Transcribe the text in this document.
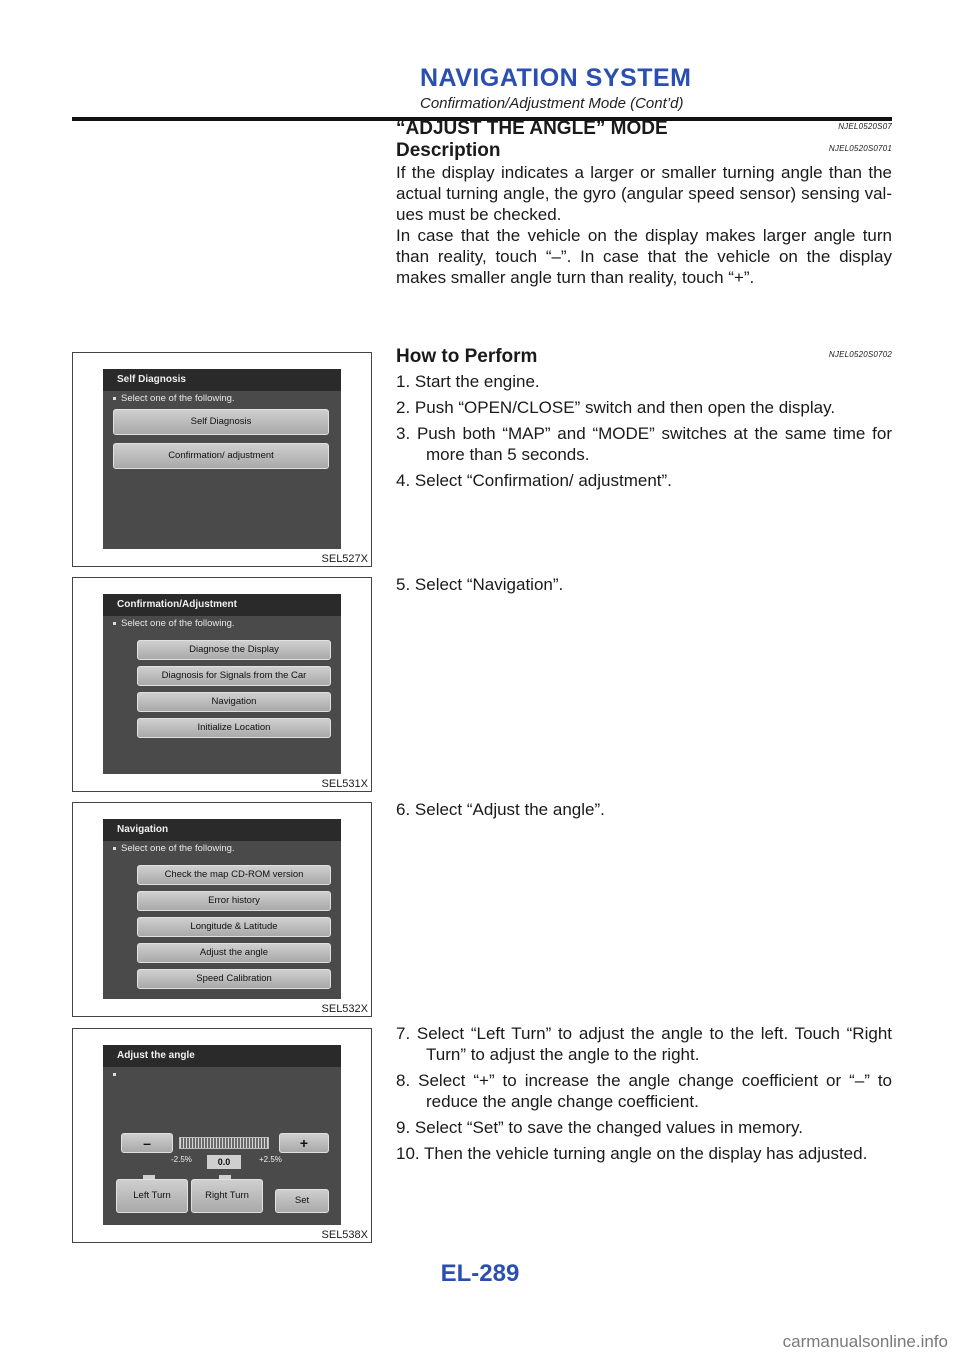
NAVIGATION SYSTEM
Confirmation/Adjustment Mode (Cont’d)
“ADJUST THE ANGLE” MODE	NJEL0520S07
Description	NJEL0520S0701

If the display indicates a larger or smaller turning angle than the actual turning angle, the gyro (angular speed sensor) sensing val- ues must be checked.

In case that the vehicle on the display makes larger angle turn than reality, touch “–”. In case that the vehicle on the display makes smaller angle turn than reality, touch “+”.

How to Perform	NJEL0520S0702

1. Start the engine.

2. Push “OPEN/CLOSE” switch and then open the display.

3. Push both “MAP” and “MODE” switches at the same time for more than 5 seconds.

4. Select “Confirmation/ adjustment”.

5. Select “Navigation”.

6. Select “Adjust the angle”.

7. Select “Left Turn” to adjust the angle to the left. Touch “Right Turn” to adjust the angle to the right.

8. Select “+” to increase the angle change coefficient or “–” to reduce the angle change coefficient.

9. Select “Set” to save the changed values in memory.

10. Then the vehicle turning angle on the display has adjusted.

Self Diagnosis
Select one of the following.
Self Diagnosis
Confirmation/ adjustment
SEL527X
Confirmation/Adjustment
Select one of the following.
Diagnose the Display
Diagnosis for Signals from the Car
Navigation
Initialize Location
SEL531X
Navigation
Select one of the following.
Check the map CD-ROM version
Error history
Longitude & Latitude
Adjust the angle
Speed Calibration
SEL532X
Adjust the angle
–	+
-2.5%	0.0	+2.5%
Left Turn	Right Turn	Set
SEL538X
EL-289
carmanualsonline.info
